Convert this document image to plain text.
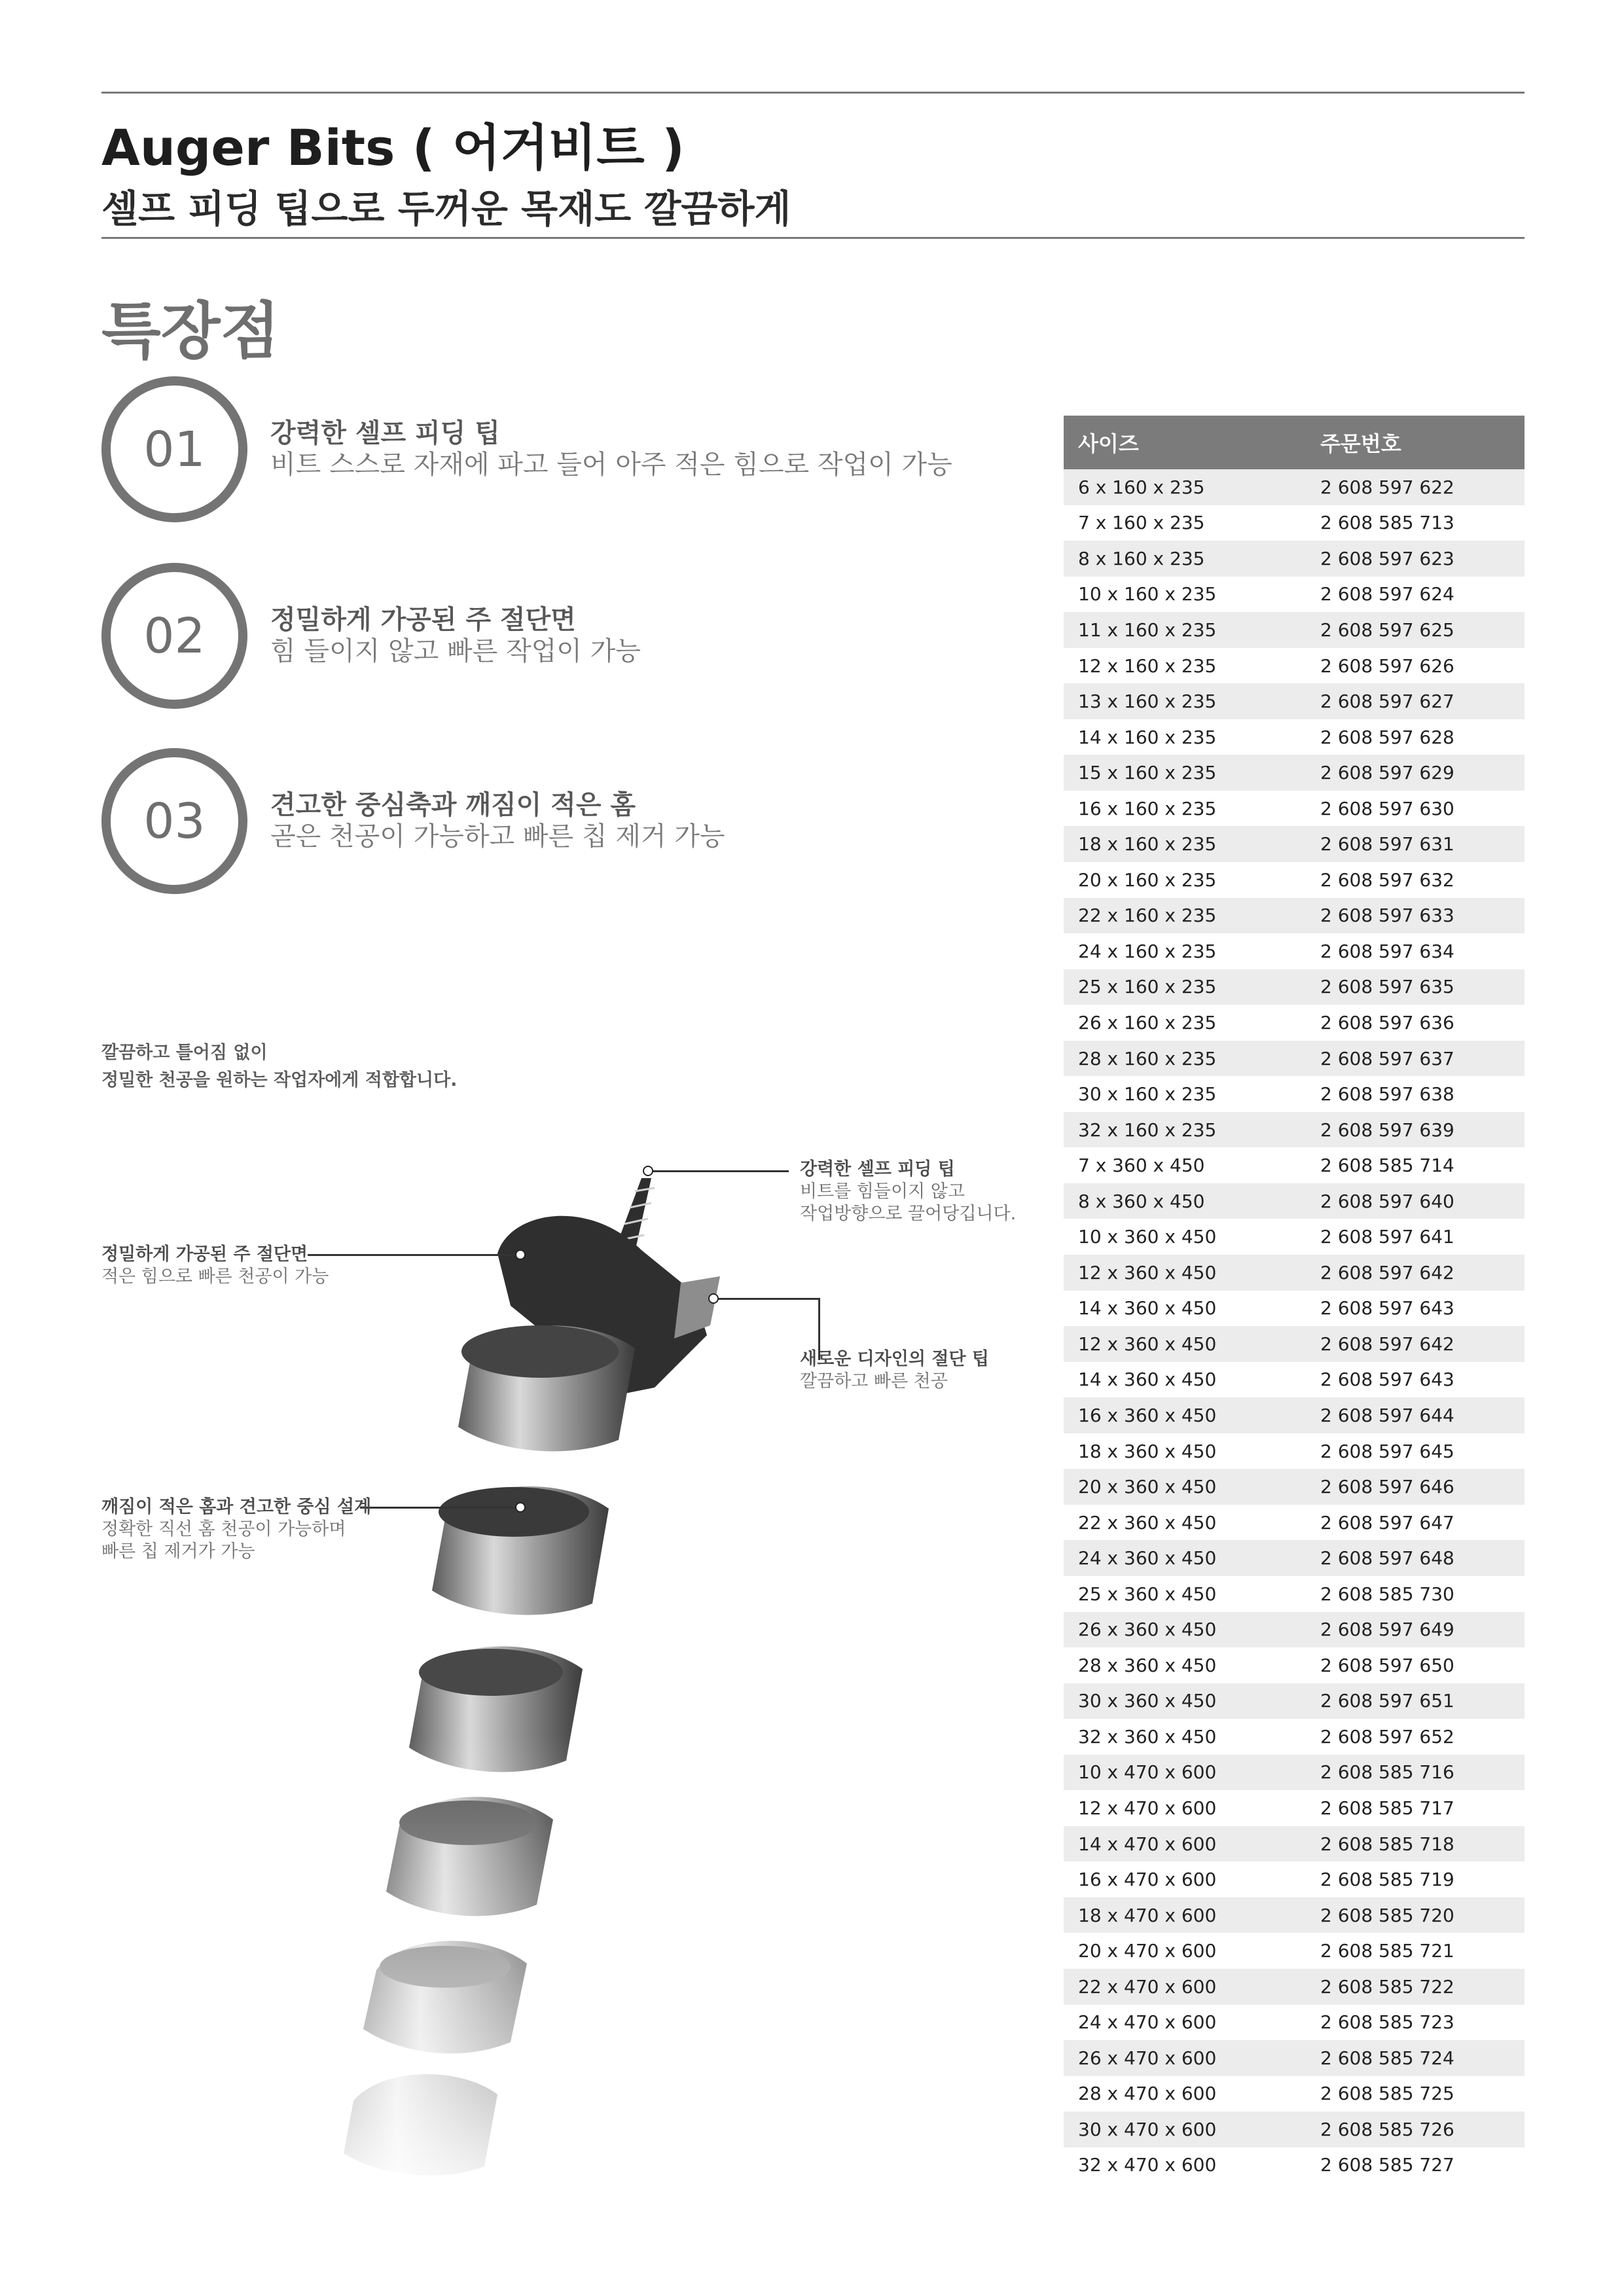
Auger Bits ( 어거비트 )
셀프 피딩 팁으로 두꺼운 목재도 깔끔하게
특장점
01	강력한 셀프 피딩 팁
비트 스스로 자재에 파고 들어 아주 적은 힘으로 작업이 가능
02	정밀하게 가공된 주 절단면
힘 들이지 않고 빠른 작업이 가능
03	견고한 중심축과 깨짐이 적은 홈
곧은 천공이 가능하고 빠른 칩 제거 가능
깔끔하고 틀어짐 없이
정밀한 천공을 원하는 작업자에게 적합합니다.
강력한 셀프 피딩 팁
비트를 힘들이지 않고
작업방향으로 끌어당깁니다.
새로운 디자인의 절단 팁
깔끔하고 빠른 천공
정밀하게 가공된 주 절단면
적은 힘으로 빠른 천공이 가능
깨짐이 적은 홈과 견고한 중심 설계
정확한 직선 홈 천공이 가능하며
빠른 칩 제거가 가능
사이즈	주문번호
6 x 160 x 235	2 608 597 622
7 x 160 x 235	2 608 585 713
8 x 160 x 235	2 608 597 623
10 x 160 x 235	2 608 597 624
11 x 160 x 235	2 608 597 625
12 x 160 x 235	2 608 597 626
13 x 160 x 235	2 608 597 627
14 x 160 x 235	2 608 597 628
15 x 160 x 235	2 608 597 629
16 x 160 x 235	2 608 597 630
18 x 160 x 235	2 608 597 631
20 x 160 x 235	2 608 597 632
22 x 160 x 235	2 608 597 633
24 x 160 x 235	2 608 597 634
25 x 160 x 235	2 608 597 635
26 x 160 x 235	2 608 597 636
28 x 160 x 235	2 608 597 637
30 x 160 x 235	2 608 597 638
32 x 160 x 235	2 608 597 639
7 x 360 x 450	2 608 585 714
8 x 360 x 450	2 608 597 640
10 x 360 x 450	2 608 597 641
12 x 360 x 450	2 608 597 642
14 x 360 x 450	2 608 597 643
12 x 360 x 450	2 608 597 642
14 x 360 x 450	2 608 597 643
16 x 360 x 450	2 608 597 644
18 x 360 x 450	2 608 597 645
20 x 360 x 450	2 608 597 646
22 x 360 x 450	2 608 597 647
24 x 360 x 450	2 608 597 648
25 x 360 x 450	2 608 585 730
26 x 360 x 450	2 608 597 649
28 x 360 x 450	2 608 597 650
30 x 360 x 450	2 608 597 651
32 x 360 x 450	2 608 597 652
10 x 470 x 600	2 608 585 716
12 x 470 x 600	2 608 585 717
14 x 470 x 600	2 608 585 718
16 x 470 x 600	2 608 585 719
18 x 470 x 600	2 608 585 720
20 x 470 x 600	2 608 585 721
22 x 470 x 600	2 608 585 722
24 x 470 x 600	2 608 585 723
26 x 470 x 600	2 608 585 724
28 x 470 x 600	2 608 585 725
30 x 470 x 600	2 608 585 726
32 x 470 x 600	2 608 585 727
